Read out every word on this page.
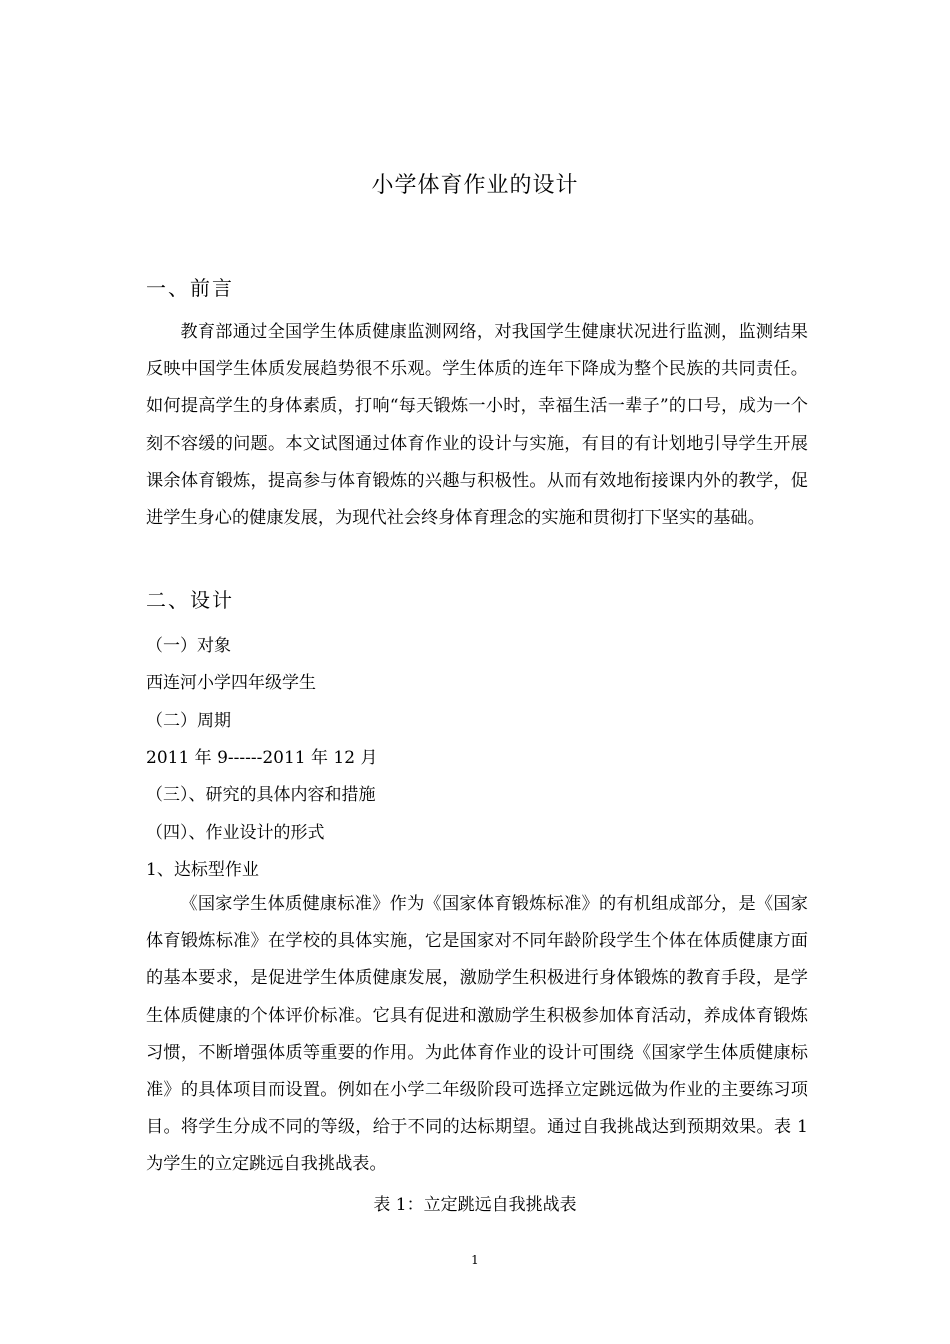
小学体育作业的设计
一、前言
教育部通过全国学生体质健康监测网络，对我国学生健康状况进行监测，监测结果反映中国学生体质发展趋势很不乐观。学生体质的连年下降成为整个民族的共同责任。如何提高学生的身体素质，打响“每天锻炼一小时，幸福生活一辈子”的口号，成为一个刻不容缓的问题。本文试图通过体育作业的设计与实施，有目的有计划地引导学生开展课余体育锻炼，提高参与体育锻炼的兴趣与积极性。从而有效地衔接课内外的教学，促进学生身心的健康发展，为现代社会终身体育理念的实施和贯彻打下坚实的基础。
二、设计
（一）对象
西连河小学四年级学生
（二）周期
2011 年 9------2011 年 12 月
（三）、研究的具体内容和措施
（四）、作业设计的形式
1、达标型作业
《国家学生体质健康标准》作为《国家体育锻炼标准》的有机组成部分，是《国家体育锻炼标准》在学校的具体实施，它是国家对不同年龄阶段学生个体在体质健康方面的基本要求，是促进学生体质健康发展，激励学生积极进行身体锻炼的教育手段，是学生体质健康的个体评价标准。它具有促进和激励学生积极参加体育活动，养成体育锻炼习惯，不断增强体质等重要的作用。为此体育作业的设计可围绕《国家学生体质健康标准》的具体项目而设置。例如在小学二年级阶段可选择立定跳远做为作业的主要练习项目。将学生分成不同的等级，给于不同的达标期望。通过自我挑战达到预期效果。表 1 为学生的立定跳远自我挑战表。
表 1：立定跳远自我挑战表
1
